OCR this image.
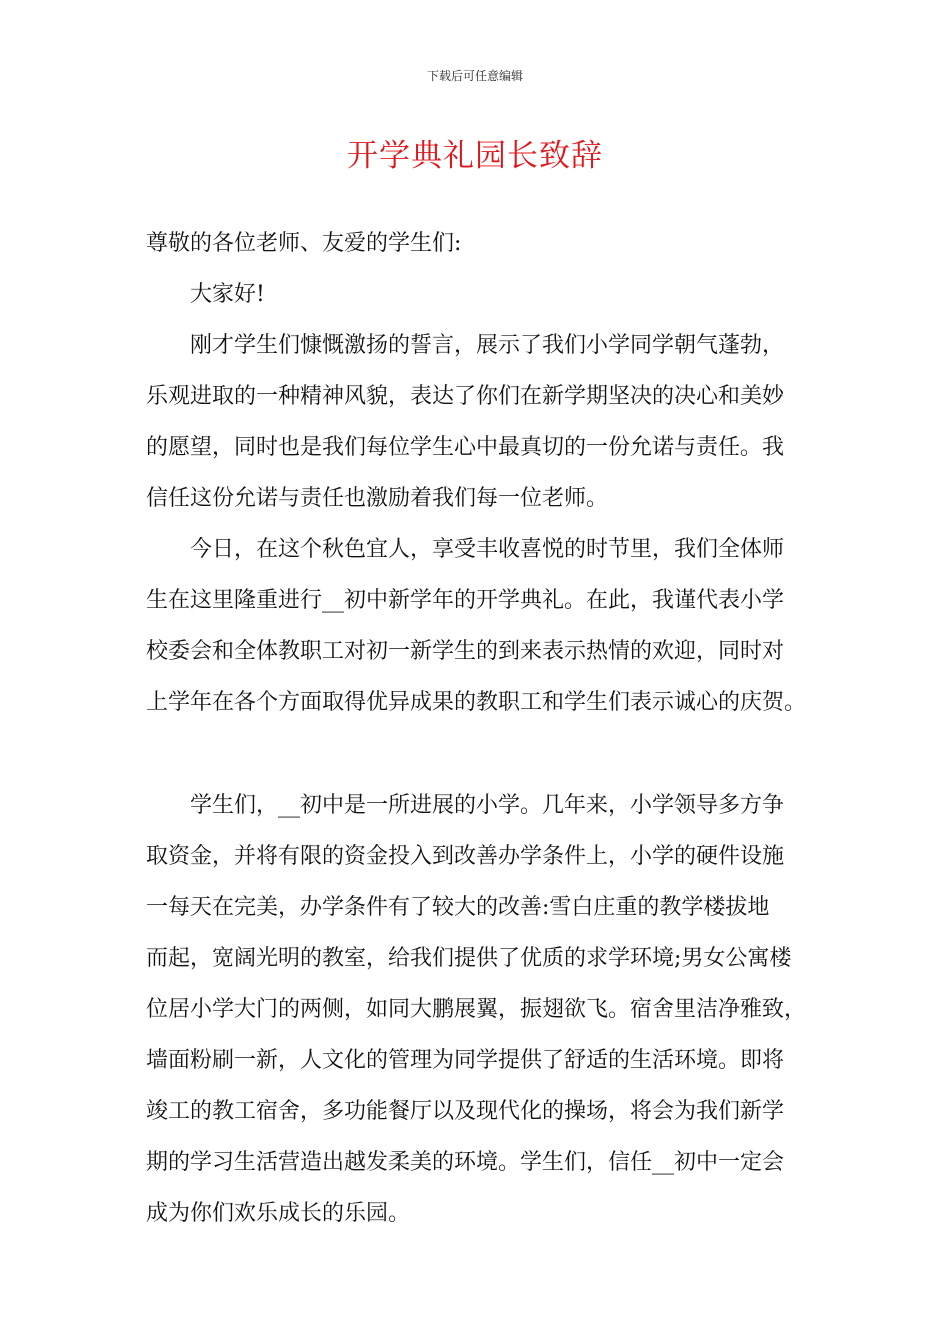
下载后可任意编辑
开学典礼园长致辞
尊敬的各位老师、友爱的学生们:
大家好!
刚才学生们慷慨激扬的誓言，展示了我们小学同学朝气蓬勃，
乐观进取的一种精神风貌，表达了你们在新学期坚决的决心和美妙
的愿望，同时也是我们每位学生心中最真切的一份允诺与责任。我
信任这份允诺与责任也激励着我们每一位老师。
今日，在这个秋色宜人，享受丰收喜悦的时节里，我们全体师
生在这里隆重进行__初中新学年的开学典礼。在此，我谨代表小学
校委会和全体教职工对初一新学生的到来表示热情的欢迎，同时对
上学年在各个方面取得优异成果的教职工和学生们表示诚心的庆贺。
学生们，__初中是一所进展的小学。几年来，小学领导多方争
取资金，并将有限的资金投入到改善办学条件上，小学的硬件设施
一每天在完美，办学条件有了较大的改善:雪白庄重的教学楼拔地
而起，宽阔光明的教室，给我们提供了优质的求学环境;男女公寓楼
位居小学大门的两侧，如同大鹏展翼，振翅欲飞。宿舍里洁净雅致，
墙面粉刷一新，人文化的管理为同学提供了舒适的生活环境。即将
竣工的教工宿舍，多功能餐厅以及现代化的操场，将会为我们新学
期的学习生活营造出越发柔美的环境。学生们，信任__初中一定会
成为你们欢乐成长的乐园。
